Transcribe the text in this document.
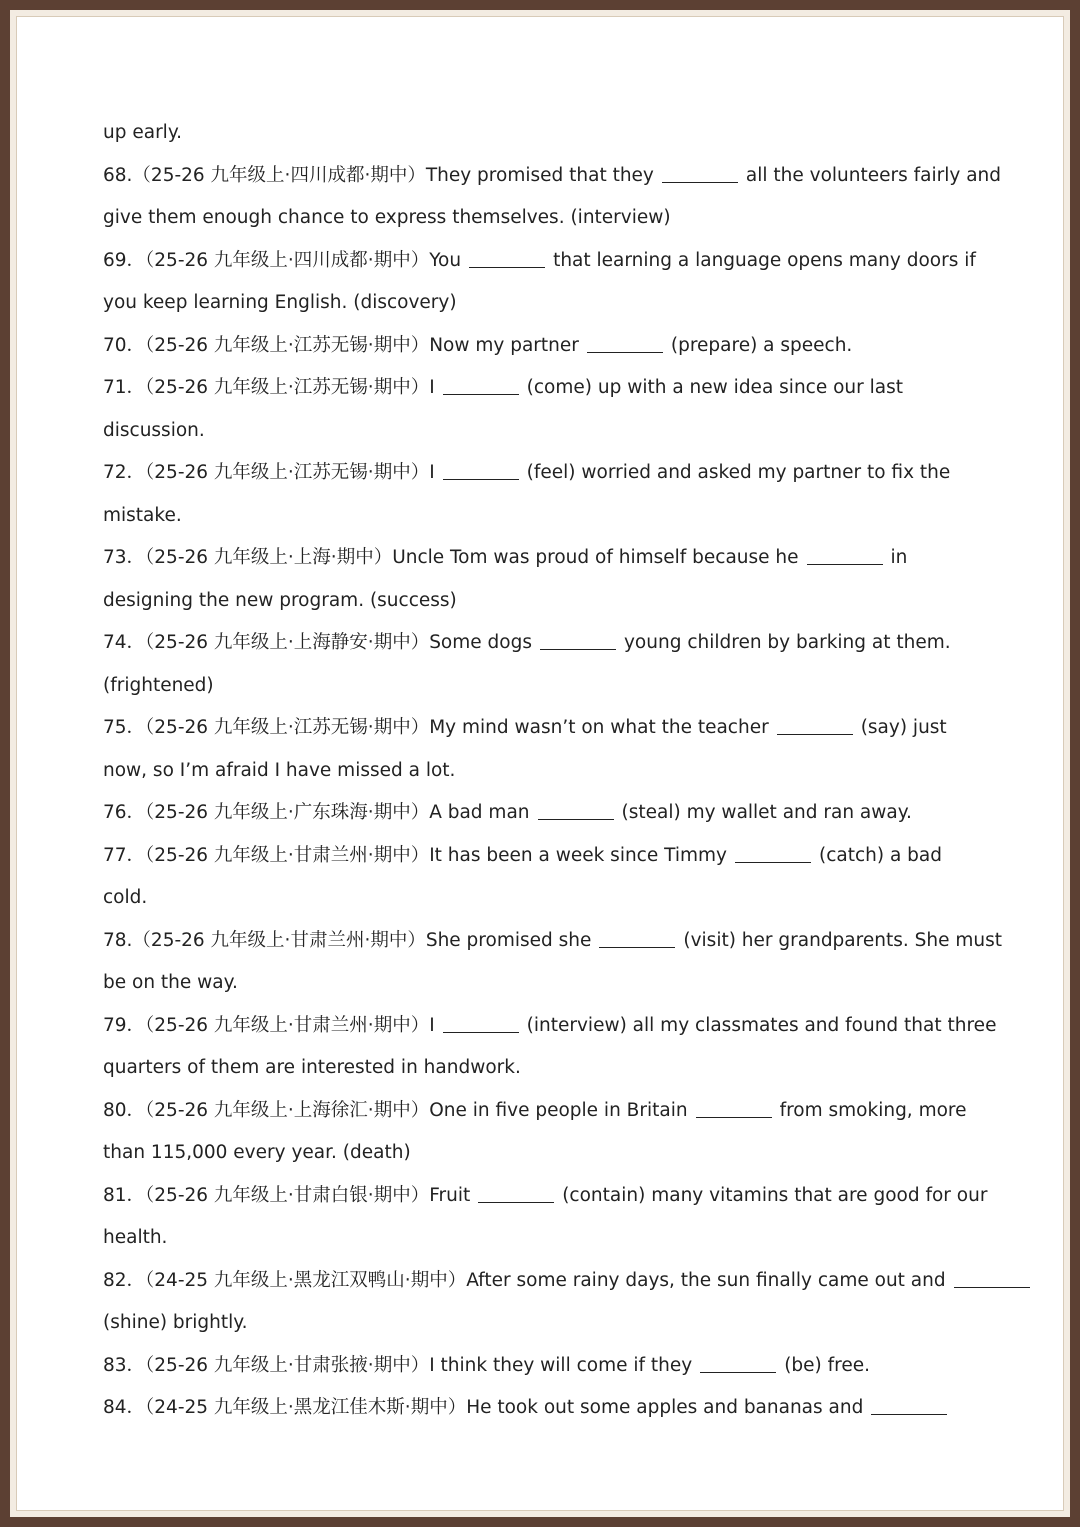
up early.
68.（25-26 九年级上·四川成都·期中）They promised that they	all the volunteers fairly and
give them enough chance to express themselves. (interview)
69．（25-26 九年级上·四川成都·期中）You	that learning a language opens many doors if
you keep learning English. (discovery)
70．（25-26 九年级上·江苏无锡·期中）Now my partner	(prepare) a speech.
71．（25-26 九年级上·江苏无锡·期中）I	(come) up with a new idea since our last
discussion.
72．（25-26 九年级上·江苏无锡·期中）I	(feel) worried and asked my partner to fix the
mistake.
73．（25-26 九年级上·上海·期中）Uncle Tom was proud of himself because he	in
designing the new program. (success)
74．（25-26 九年级上·上海静安·期中）Some dogs	young children by barking at them.
(frightened)
75．（25-26 九年级上·江苏无锡·期中）My mind wasn’t on what the teacher	(say) just
now, so I’m afraid I have missed a lot.
76．（25-26 九年级上·广东珠海·期中）A bad man	(steal) my wallet and ran away.
77．（25-26 九年级上·甘肃兰州·期中）It has been a week since Timmy	(catch) a bad
cold.
78.（25-26 九年级上·甘肃兰州·期中）She promised she	(visit) her grandparents. She must
be on the way.
79．（25-26 九年级上·甘肃兰州·期中）I	(interview) all my classmates and found that three
quarters of them are interested in handwork.
80．（25-26 九年级上·上海徐汇·期中）One in five people in Britain	from smoking, more
than 115,000 every year. (death)
81．（25-26 九年级上·甘肃白银·期中）Fruit	(contain) many vitamins that are good for our
health.
82．（24-25 九年级上·黑龙江双鸭山·期中）After some rainy days, the sun finally came out and
(shine) brightly.
83．（25-26 九年级上·甘肃张掖·期中）I think they will come if they	(be) free.
84．（24-25 九年级上·黑龙江佳木斯·期中）He took out some apples and bananas and
